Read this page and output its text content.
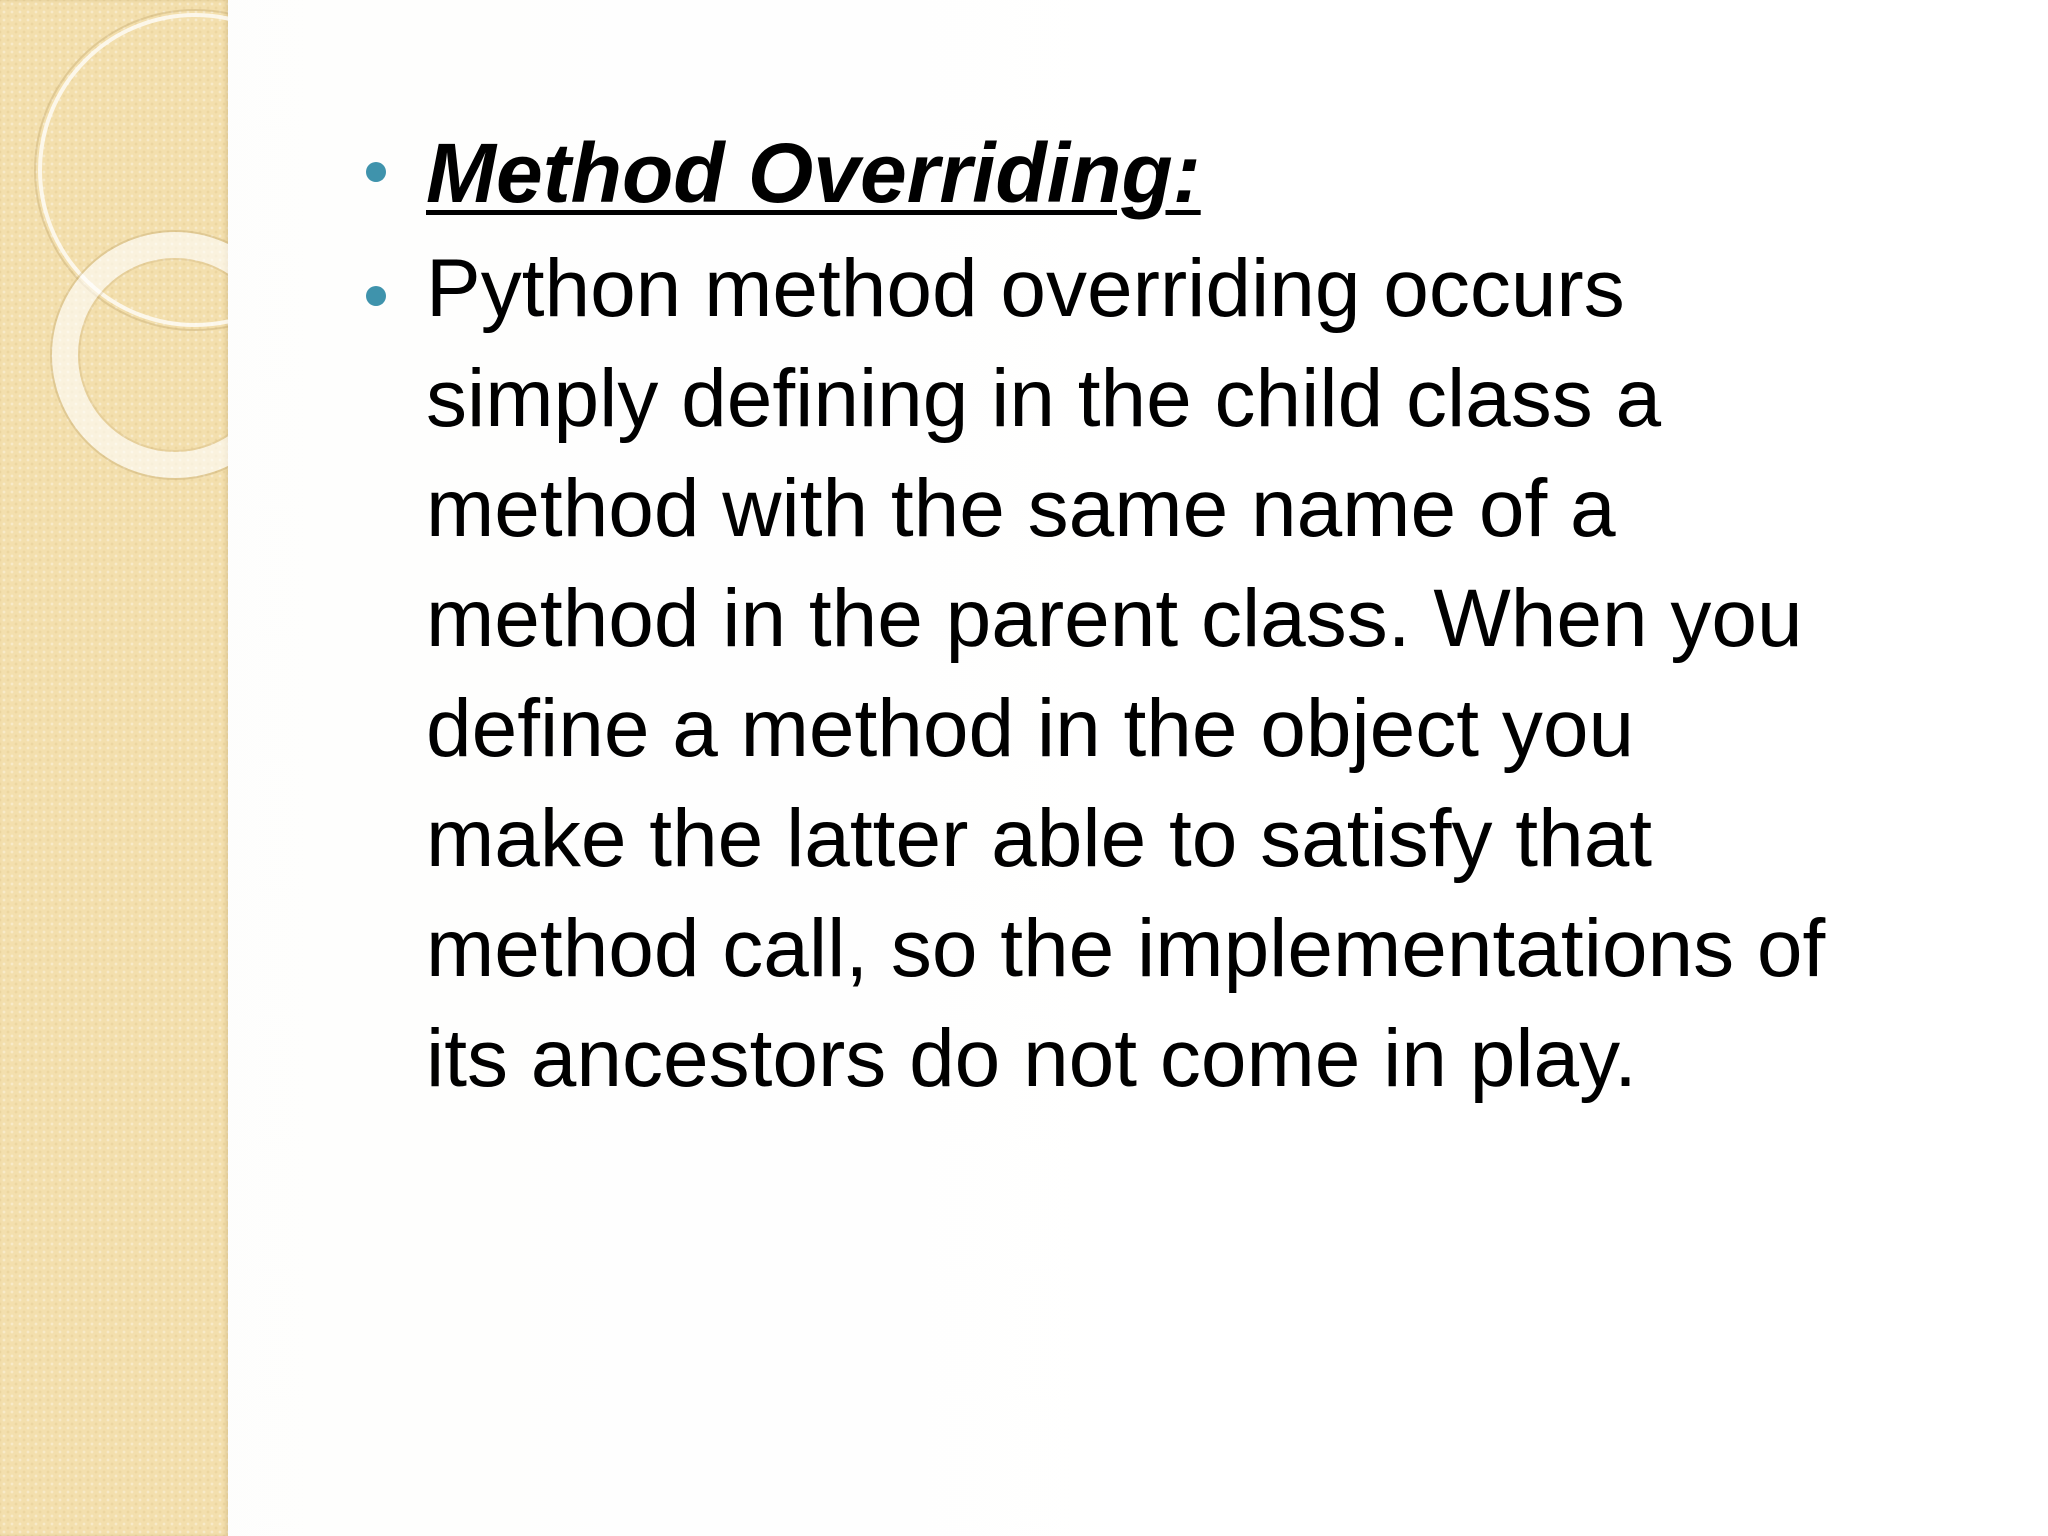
Method Overriding:
Python method overriding occurs
simply defining in the child class a
method with the same name of a
method in the parent class. When you
define a method in the object you
make the latter able to satisfy that
method call, so the implementations of
its ancestors do not come in play.
